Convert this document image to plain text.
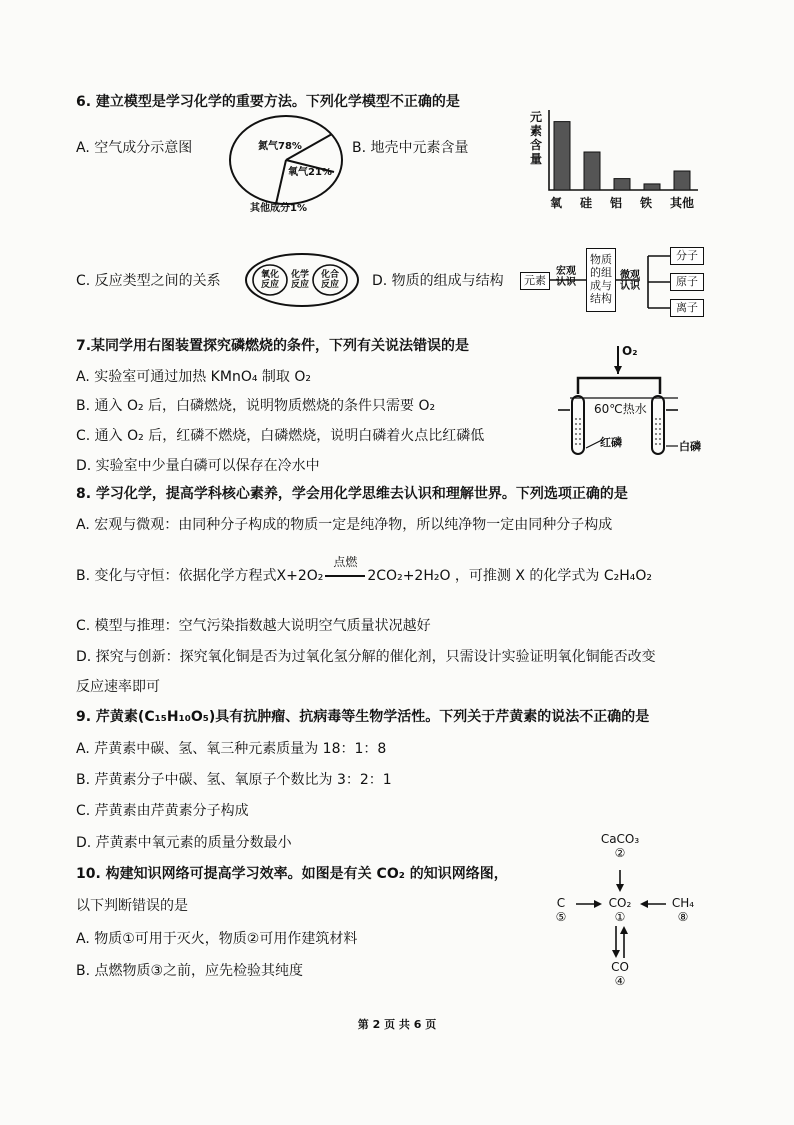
6. 建立模型是学习化学的重要方法。下列化学模型不正确的是
A. 空气成分示意图	氮气78%
氧气21%
其他成分1%
B. 地壳中元素含量
元
素
含
量
氧 硅 铝 铁 其他
C. 反应类型之间的关系	氧化
反应
化学
反应
化合
反应 D. 物质的组成与结构	元素
宏观
认识
物质
的组
成与
结构
微观
认识
分子
原子
离子
7.某同学用右图装置探究磷燃烧的条件，下列有关说法错误的是
A. 实验室可通过加热 KMnO₄ 制取 O₂
B. 通入 O₂ 后，白磷燃烧，说明物质燃烧的条件只需要 O₂
C. 通入 O₂ 后，红磷不燃烧，白磷燃烧，说明白磷着火点比红磷低
D. 实验室中少量白磷可以保存在冷水中
O₂
60℃热水
红磷	白磷
8. 学习化学，提高学科核心素养，学会用化学思维去认识和理解世界。下列选项正确的是
A. 宏观与微观：由同种分子构成的物质一定是纯净物，所以纯净物一定由同种分子构成
B. 变化与守恒：依据化学方程式X+2O₂
点燃
2CO₂+2H₂O ，可推测 X 的化学式为 C₂H₄O₂
C. 模型与推理：空气污染指数越大说明空气质量状况越好
D. 探究与创新：探究氧化铜是否为过氧化氢分解的催化剂，只需设计实验证明氧化铜能否改变
反应速率即可
9. 芹黄素(C₁₅H₁₀O₅)具有抗肿瘤、抗病毒等生物学活性。下列关于芹黄素的说法不正确的是
A. 芹黄素中碳、氢、氧三种元素质量为 18：1：8
B. 芹黄素分子中碳、氢、氧原子个数比为 3：2：1
C. 芹黄素由芹黄素分子构成
D. 芹黄素中氧元素的质量分数最小
10. 构建知识网络可提高学习效率。如图是有关 CO₂ 的知识网络图，
以下判断错误的是
A. 物质①可用于灭火，物质②可用作建筑材料
B. 点燃物质③之前，应先检验其纯度
CaCO₃
②
C
⑤
CO₂
①
CH₄
⑧
CO
④
第 2 页 共 6 页
